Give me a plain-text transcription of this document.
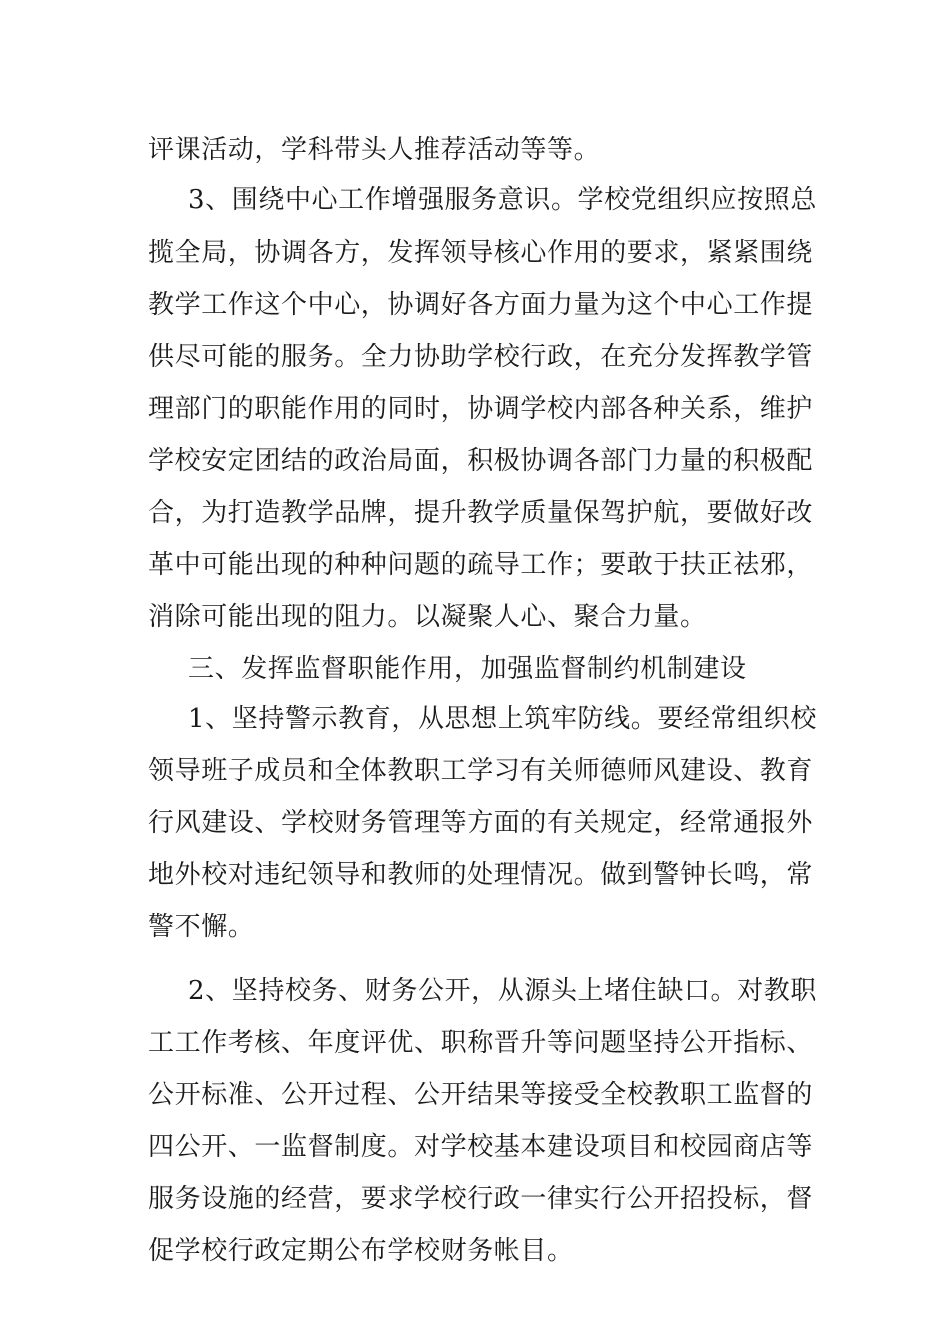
评课活动，学科带头人推荐活动等等。
3、围绕中心工作增强服务意识。学校党组织应按照总
揽全局，协调各方，发挥领导核心作用的要求，紧紧围绕
教学工作这个中心，协调好各方面力量为这个中心工作提
供尽可能的服务。全力协助学校行政，在充分发挥教学管
理部门的职能作用的同时，协调学校内部各种关系，维护
学校安定团结的政治局面，积极协调各部门力量的积极配
合，为打造教学品牌，提升教学质量保驾护航，要做好改
革中可能出现的种种问题的疏导工作；要敢于扶正祛邪，
消除可能出现的阻力。以凝聚人心、聚合力量。
三、发挥监督职能作用，加强监督制约机制建设
1、坚持警示教育，从思想上筑牢防线。要经常组织校
领导班子成员和全体教职工学习有关师德师风建设、教育
行风建设、学校财务管理等方面的有关规定，经常通报外
地外校对违纪领导和教师的处理情况。做到警钟长鸣，常
警不懈。
2、坚持校务、财务公开，从源头上堵住缺口。对教职
工工作考核、年度评优、职称晋升等问题坚持公开指标、
公开标准、公开过程、公开结果等接受全校教职工监督的
四公开、一监督制度。对学校基本建设项目和校园商店等
服务设施的经营，要求学校行政一律实行公开招投标，督
促学校行政定期公布学校财务帐目。
